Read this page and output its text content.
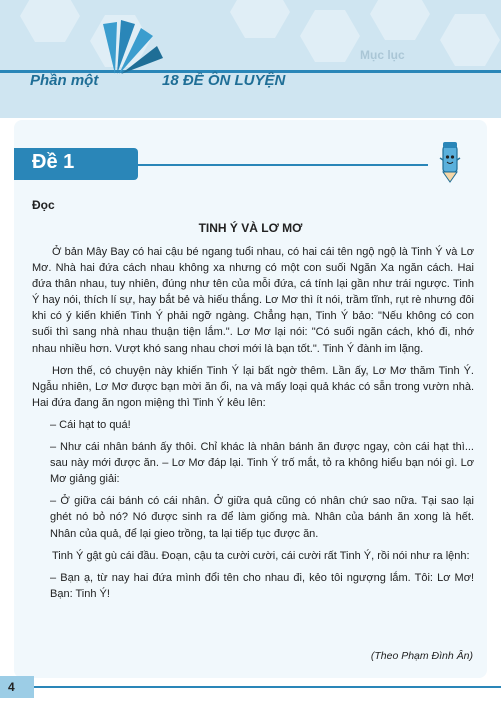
Mục lục
Phần một	18 ĐỀ ÔN LUYỆN
Đề 1
Đọc
TINH Ý VÀ LƠ MƠ

Ở bản Mây Bay có hai cậu bé ngang tuổi nhau, có hai cái tên ngộ ngộ là Tinh Ý và Lơ Mơ. Nhà hai đứa cách nhau không xa nhưng có một con suối Ngăn Xa ngăn cách. Hai đứa thân nhau, tuy nhiên, đúng như tên của mỗi đứa, cá tính lại gần như trái ngược. Tinh Ý hay nói, thích lí sự, hay bắt bẻ và hiếu thắng. Lơ Mơ thì ít nói, trầm tĩnh, rụt rè nhưng đôi khi có ý kiến khiến Tinh Ý phải ngỡ ngàng. Chẳng hạn, Tinh Ý bảo: "Nếu không có con suối thì sang nhà nhau thuận tiện lắm.". Lơ Mơ lại nói: "Có suối ngăn cách, khó đi, nhớ nhau nhiều hơn. Vượt khó sang nhau chơi mới là bạn tốt.". Tinh Ý đành im lặng.

Hơn thế, có chuyện này khiến Tinh Ý lại bất ngờ thêm. Lần ấy, Lơ Mơ thăm Tinh Ý. Ngẫu nhiên, Lơ Mơ được bạn mời ăn ổi, na và mấy loại quả khác có sẵn trong vườn nhà. Hai đứa đang ăn ngon miệng thì Tinh Ý kêu lên:

– Cái hạt to quá!

– Như cái nhân bánh ấy thôi. Chỉ khác là nhân bánh ăn được ngay, còn cái hạt thì... sau này mới được ăn. – Lơ Mơ đáp lại. Tinh Ý trố mắt, tỏ ra không hiểu bạn nói gì. Lơ Mơ giảng giải:

– Ở giữa cái bánh có cái nhân. Ở giữa quả cũng có nhân chứ sao nữa. Tại sao lại ghét nó bỏ nó? Nó được sinh ra để làm giống mà. Nhân của bánh ăn xong là hết. Nhân của quả, để lại gieo trồng, ta lại tiếp tục được ăn.

Tinh Ý gật gù cái đầu. Đoạn, cậu ta cười cười, cái cười rất Tinh Ý, rồi nói như ra lệnh:

– Bạn ạ, từ nay hai đứa mình đổi tên cho nhau đi, kẻo tôi ngượng lắm. Tôi: Lơ Mơ! Bạn: Tinh Ý!

(Theo Phạm Đình Ân)
4
